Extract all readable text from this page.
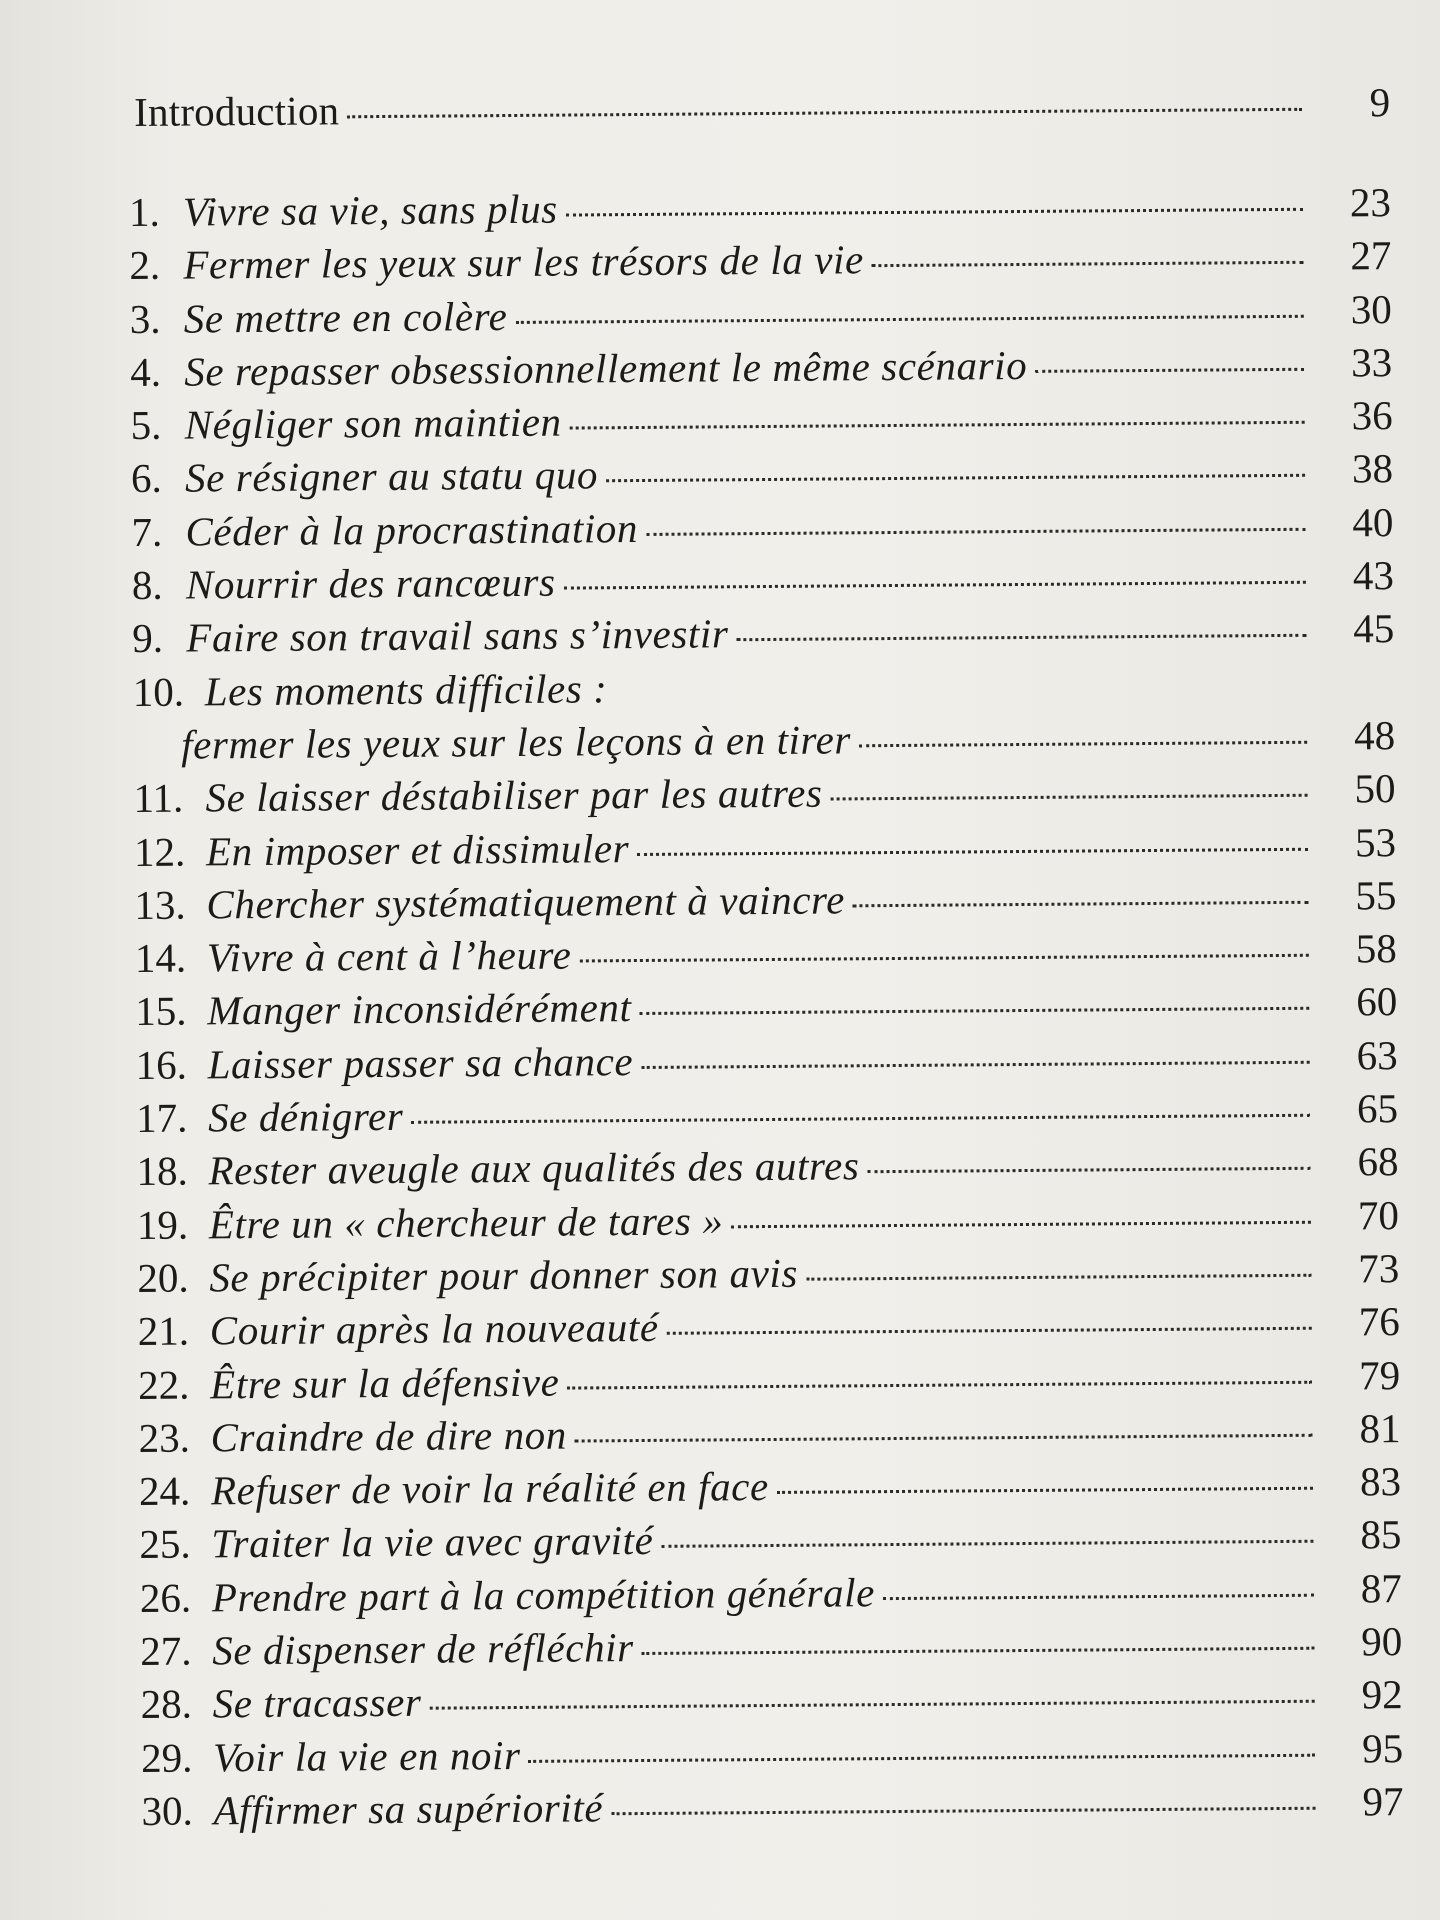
Introduction	9
1. Vivre sa vie, sans plus	23
2. Fermer les yeux sur les trésors de la vie	27
3. Se mettre en colère	30
4. Se repasser obsessionnellement le même scénario	33
5. Négliger son maintien	36
6. Se résigner au statu quo	38
7. Céder à la procrastination	40
8. Nourrir des rancœurs	43
9. Faire son travail sans s’investir	45
10. Les moments difficiles :
fermer les yeux sur les leçons à en tirer	48
11. Se laisser déstabiliser par les autres	50
12. En imposer et dissimuler	53
13. Chercher systématiquement à vaincre	55
14. Vivre à cent à l’heure	58
15. Manger inconsidérément	60
16. Laisser passer sa chance	63
17. Se dénigrer	65
18. Rester aveugle aux qualités des autres	68
19. Être un « chercheur de tares »	70
20. Se précipiter pour donner son avis	73
21. Courir après la nouveauté	76
22. Être sur la défensive	79
23. Craindre de dire non	81
24. Refuser de voir la réalité en face	83
25. Traiter la vie avec gravité	85
26. Prendre part à la compétition générale	87
27. Se dispenser de réfléchir	90
28. Se tracasser	92
29. Voir la vie en noir	95
30. Affirmer sa supériorité	97
